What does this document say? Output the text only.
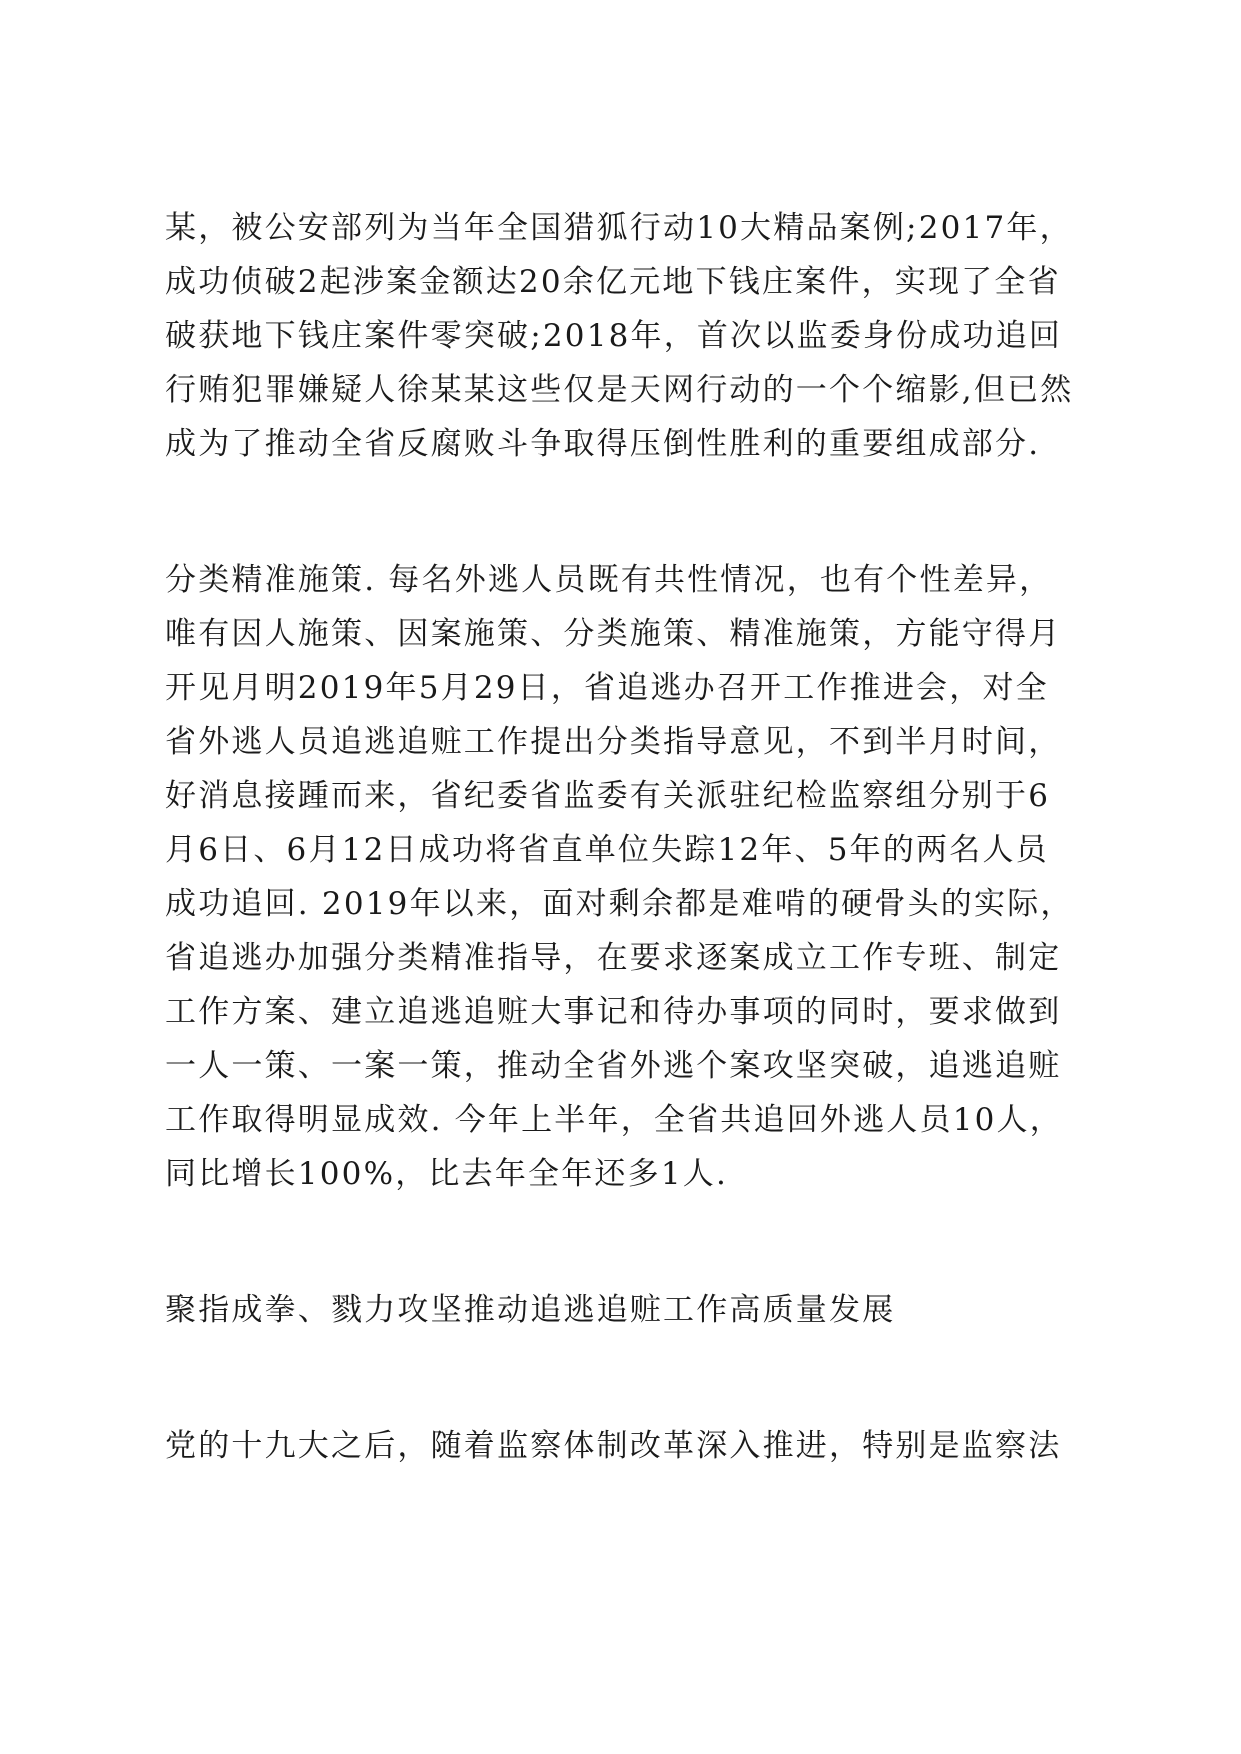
某，被公安部列为当年全国猎狐行动10大精品案例;2017年，
成功侦破2起涉案金额达20余亿元地下钱庄案件，实现了全省
破获地下钱庄案件零突破;2018年，首次以监委身份成功追回
行贿犯罪嫌疑人徐某某这些仅是天网行动的一个个缩影,但已然
成为了推动全省反腐败斗争取得压倒性胜利的重要组成部分.
分类精准施策. 每名外逃人员既有共性情况，也有个性差异，
唯有因人施策、因案施策、分类施策、精准施策，方能守得月
开见月明2019年5月29日，省追逃办召开工作推进会，对全
省外逃人员追逃追赃工作提出分类指导意见，不到半月时间，
好消息接踵而来，省纪委省监委有关派驻纪检监察组分别于6
月6日、6月12日成功将省直单位失踪12年、5年的两名人员
成功追回. 2019年以来，面对剩余都是难啃的硬骨头的实际，
省追逃办加强分类精准指导，在要求逐案成立工作专班、制定
工作方案、建立追逃追赃大事记和待办事项的同时，要求做到
一人一策、一案一策，推动全省外逃个案攻坚突破，追逃追赃
工作取得明显成效. 今年上半年，全省共追回外逃人员10人，
同比增长100%，比去年全年还多1人.
聚指成拳、戮力攻坚推动追逃追赃工作高质量发展
党的十九大之后，随着监察体制改革深入推进，特别是监察法
